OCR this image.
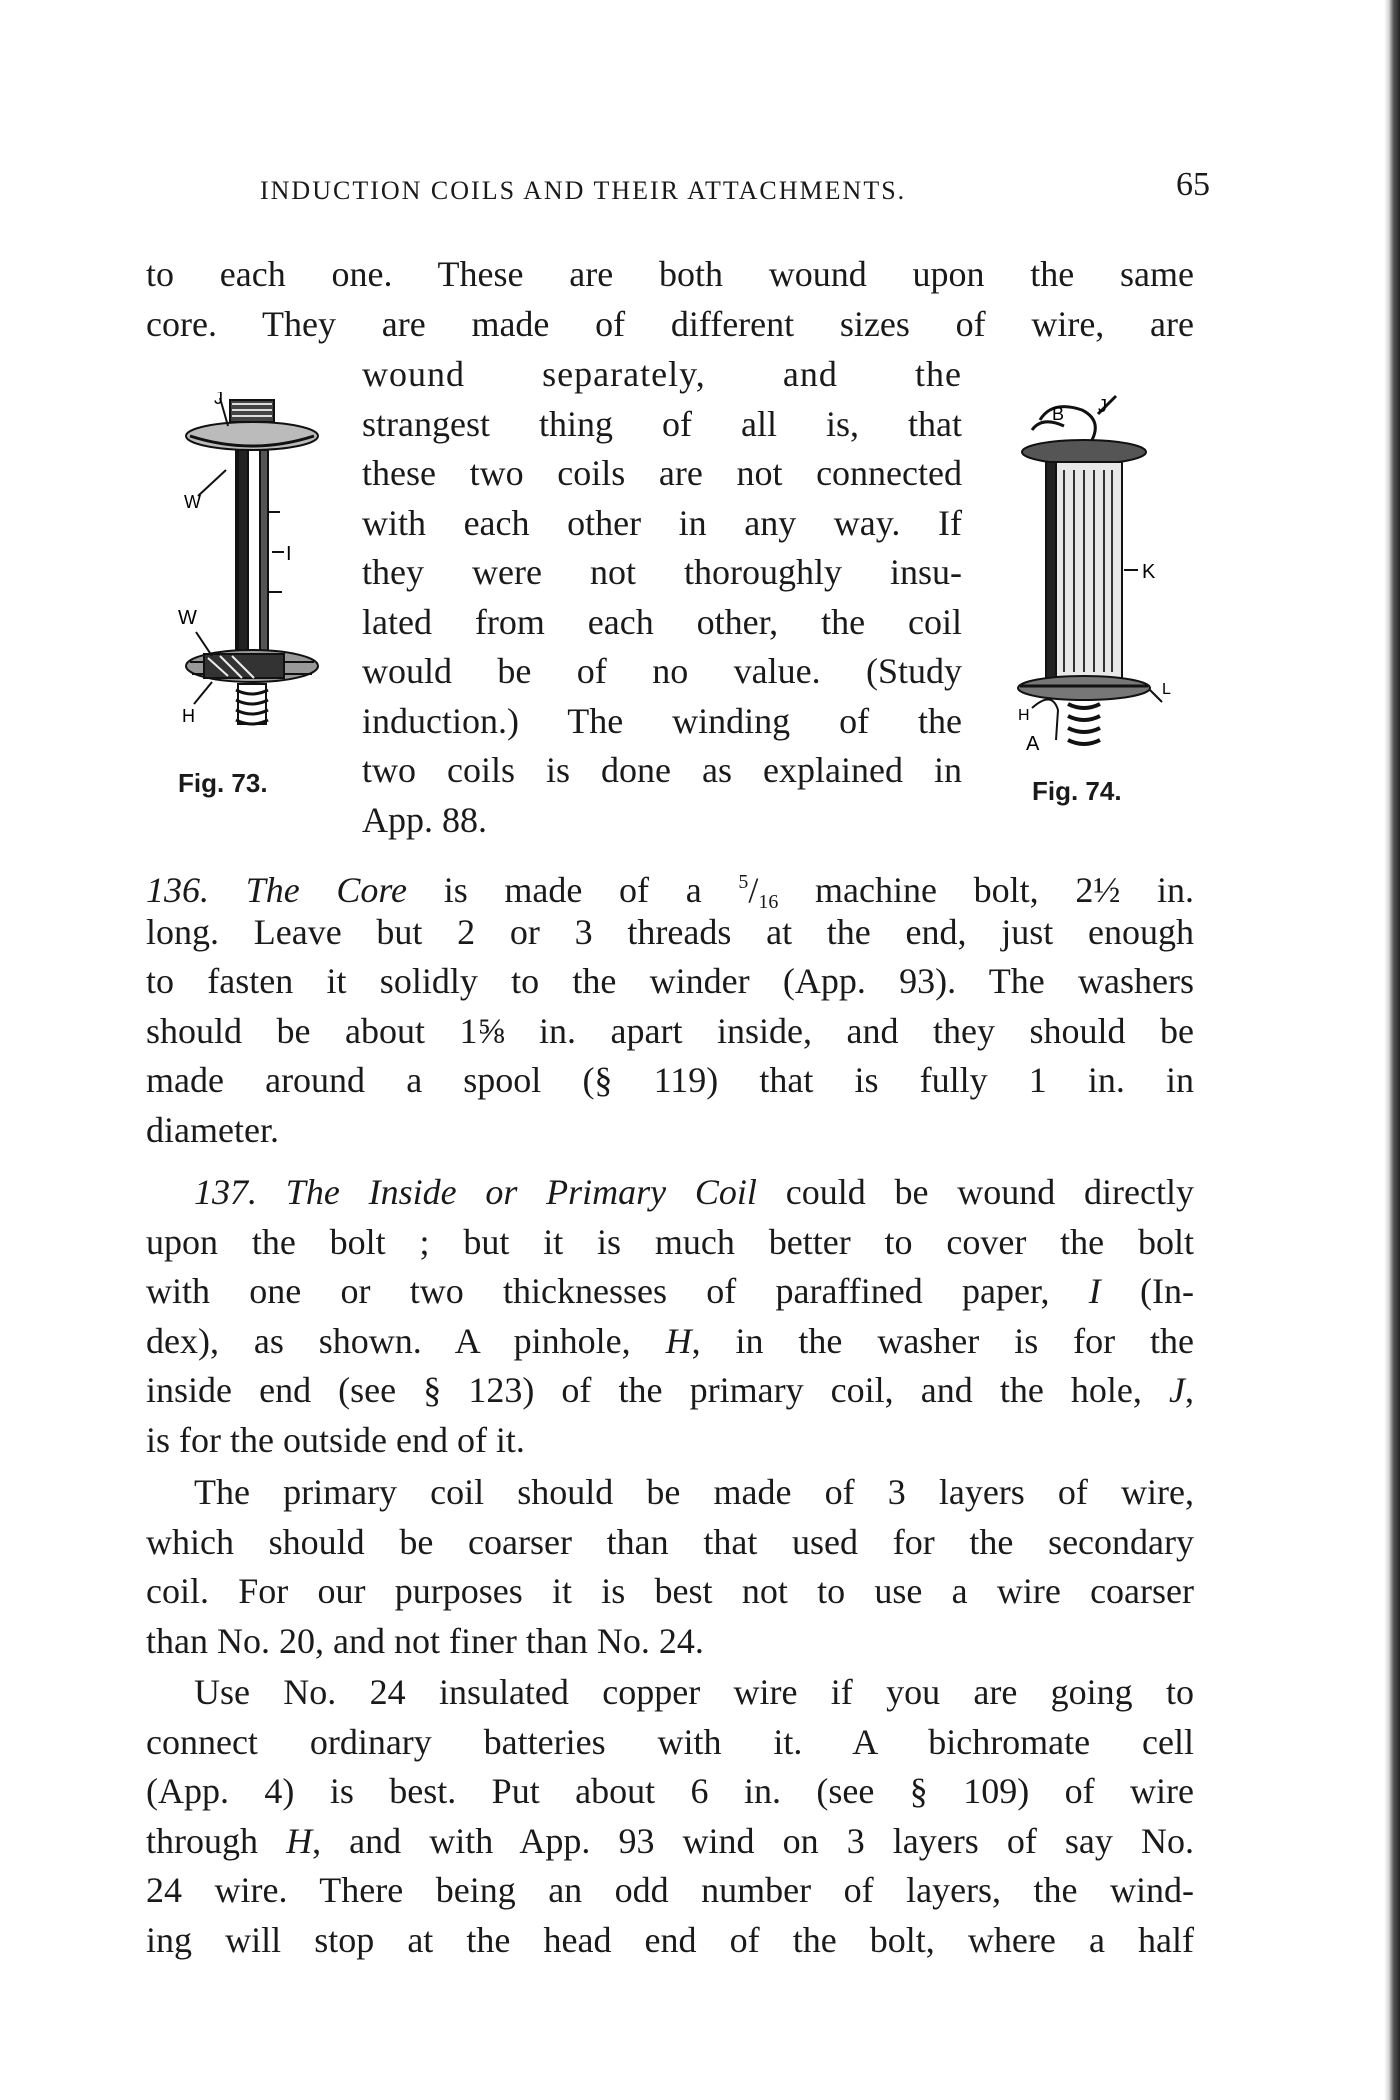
INDUCTION COILS AND THEIR ATTACHMENTS.	65
to each one. These are both wound upon the same
core. They are made of different sizes of wire, are
wound separately, and the
strangest thing of all is, that
these two coils are not connected
with each other in any way. If
they were not thoroughly insu-
lated from each other, the coil
would be of no value. (Study
induction.) The winding of the
two coils is done as explained in
App. 88.
J
W
I
W
H
Fig. 73.
B J
K
L
H
A
Fig. 74.
136. The Core is made of a $^5/_{16}$ machine bolt, 2½ in.
long. Leave but 2 or 3 threads at the end, just enough
to fasten it solidly to the winder (App. 93). The washers
should be about 1⅝ in. apart inside, and they should be
made around a spool (§ 119) that is fully 1 in. in
diameter.
137. The Inside or Primary Coil could be wound directly
upon the bolt ; but it is much better to cover the bolt
with one or two thicknesses of paraffined paper, I (In-
dex), as shown. A pinhole, H, in the washer is for the
inside end (see § 123) of the primary coil, and the hole, J,
is for the outside end of it.
The primary coil should be made of 3 layers of wire,
which should be coarser than that used for the secondary
coil. For our purposes it is best not to use a wire coarser
than No. 20, and not finer than No. 24.
Use No. 24 insulated copper wire if you are going to
connect ordinary batteries with it. A bichromate cell
(App. 4) is best. Put about 6 in. (see § 109) of wire
through H, and with App. 93 wind on 3 layers of say No.
24 wire. There being an odd number of layers, the wind-
ing will stop at the head end of the bolt, where a half
